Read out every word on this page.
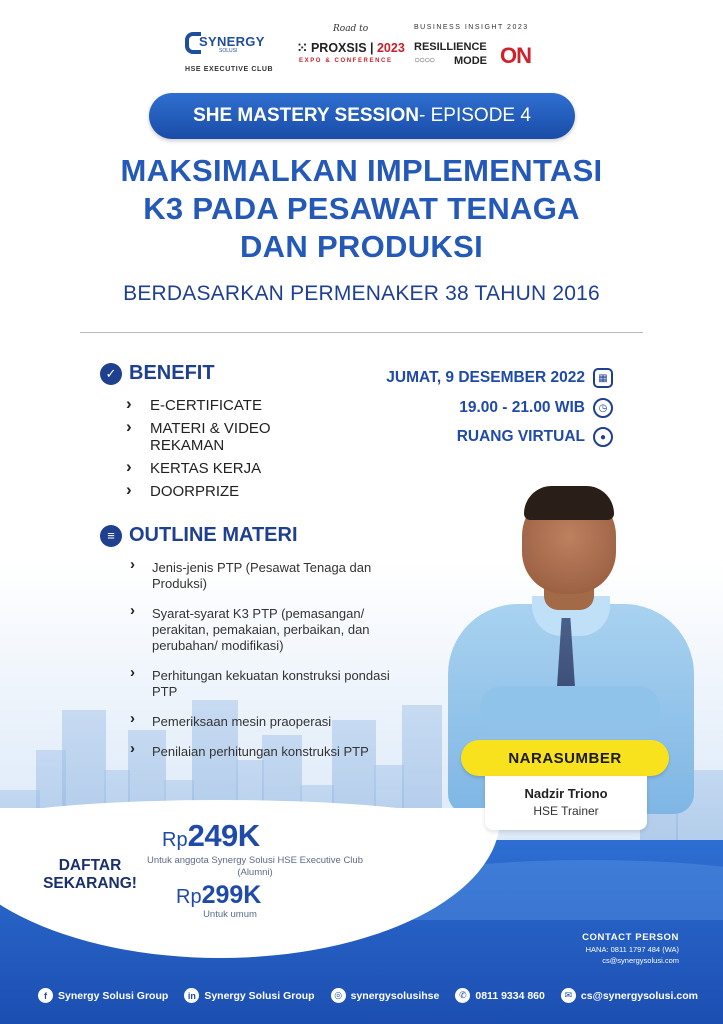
SYNERGY
SOLUSI
HSE EXECUTIVE CLUB
Road to
⁙ PROXSIS | 2023
EXPO & CONFERENCE
BUSINESS INSIGHT 2023
RESILLIENCE
○○○○ MODE ON
SHE MASTERY SESSION - EPISODE 4
MAKSIMALKAN IMPLEMENTASI
K3 PADA PESAWAT TENAGA
DAN PRODUKSI
BERDASARKAN PERMENAKER 38 TAHUN 2016
✓ BENEFIT
› E-CERTIFICATE
› MATERI & VIDEO REKAMAN
› KERTAS KERJA
› DOORPRIZE
≡ OUTLINE MATERI
› Jenis-jenis PTP (Pesawat Tenaga dan Produksi)
› Syarat-syarat K3 PTP (pemasangan/ perakitan, pemakaian, perbaikan, dan perubahan/ modifikasi)
› Perhitungan kekuatan konstruksi pondasi PTP
› Pemeriksaan mesin praoperasi
› Penilaian perhitungan konstruksi PTP
JUMAT, 9 DESEMBER 2022	▦
19.00 - 21.00 WIB	◷
RUANG VIRTUAL	●
NARASUMBER
Nadzir Triono
HSE Trainer
DAFTAR SEKARANG!
Rp249K
Untuk anggota Synergy Solusi HSE Executive Club (Alumni)
Rp299K
Untuk umum
CONTACT PERSON
HANA: 0811 1797 484 (WA)
cs@synergysolusi.com
f	Synergy Solusi Group	in Synergy Solusi Group	◎ synergysolusihse	✆ 0811 9334 860	✉ cs@synergysolusi.com
